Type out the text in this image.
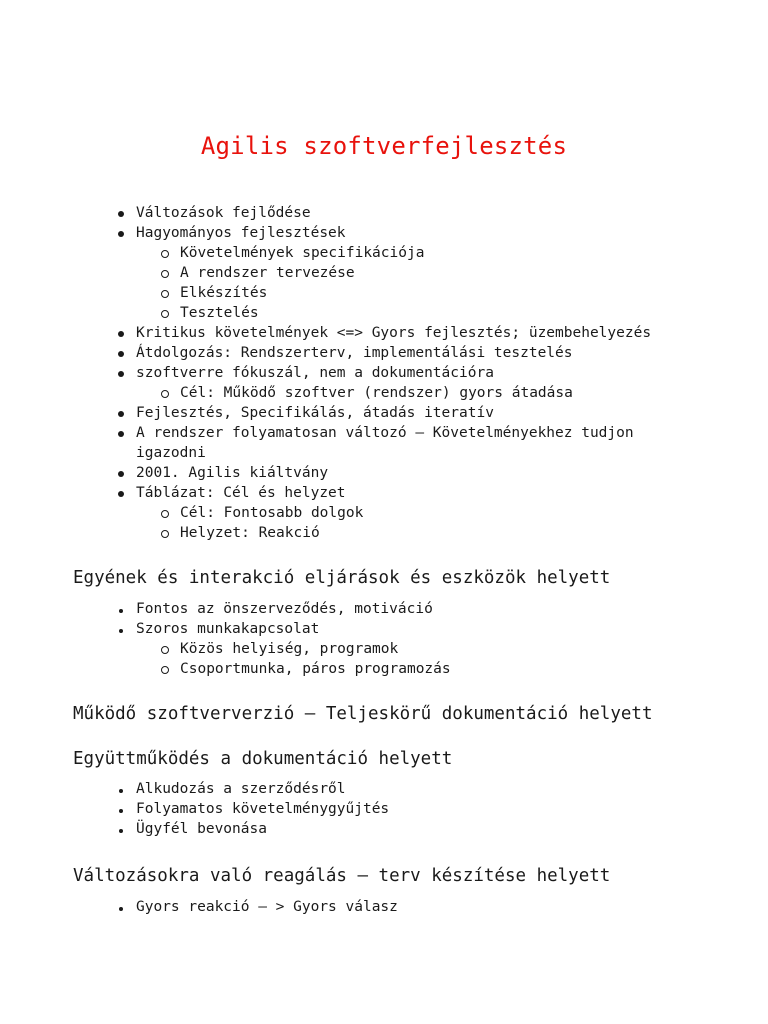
Agilis szoftverfejlesztés
Változások fejlődése
Hagyományos fejlesztések
Követelmények specifikációja
A rendszer tervezése
Elkészítés
Tesztelés
Kritikus követelmények <=> Gyors fejlesztés; üzembehelyezés
Átdolgozás: Rendszerterv, implementálási tesztelés
szoftverre fókuszál, nem a dokumentációra
Cél: Működő szoftver (rendszer) gyors átadása
Fejlesztés, Specifikálás, átadás iteratív
A rendszer folyamatosan változó – Követelményekhez tudjon igazodni
2001. Agilis kiáltvány
Táblázat: Cél és helyzet
Cél: Fontosabb dolgok
Helyzet: Reakció
Egyének és interakció eljárások és eszközök helyett
Fontos az önszerveződés, motiváció
Szoros munkakapcsolat
Közös helyiség, programok
Csoportmunka, páros programozás
Működő szoftververzió – Teljeskörű dokumentáció helyett
Együttműködés a dokumentáció helyett
Alkudozás a szerződésről
Folyamatos követelménygyűjtés
Ügyfél bevonása
Változásokra való reagálás – terv készítése helyett
Gyors reakció – > Gyors válasz
